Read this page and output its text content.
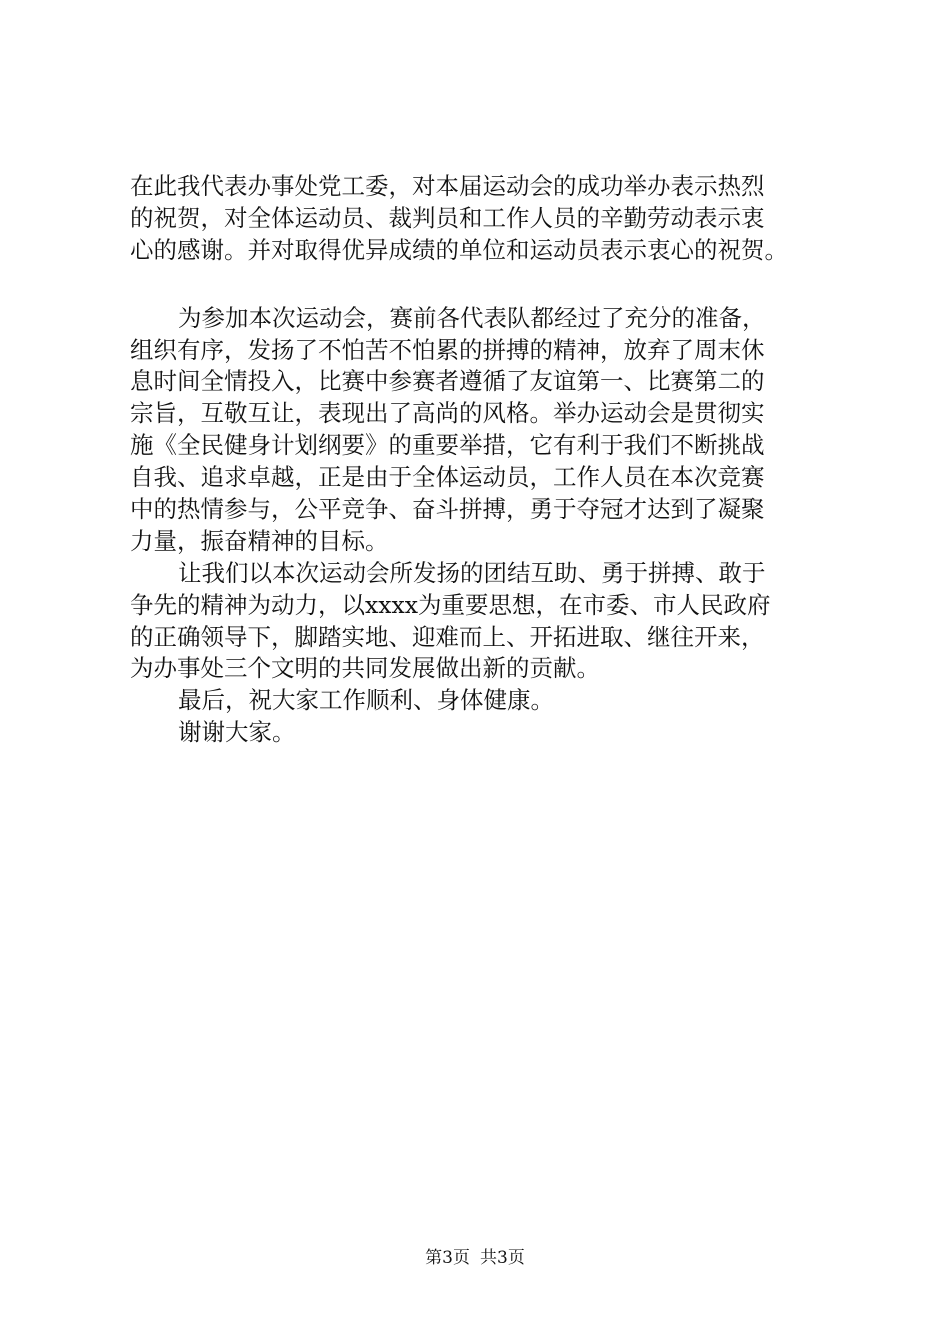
在此我代表办事处党工委，对本届运动会的成功举办表示热烈
的祝贺，对全体运动员、裁判员和工作人员的辛勤劳动表示衷
心的感谢。并对取得优异成绩的单位和运动员表示衷心的祝贺。
为参加本次运动会，赛前各代表队都经过了充分的准备，
组织有序，发扬了不怕苦不怕累的拼搏的精神，放弃了周末休
息时间全情投入，比赛中参赛者遵循了友谊第一、比赛第二的
宗旨，互敬互让，表现出了高尚的风格。举办运动会是贯彻实
施《全民健身计划纲要》的重要举措，它有利于我们不断挑战
自我、追求卓越，正是由于全体运动员，工作人员在本次竞赛
中的热情参与，公平竞争、奋斗拼搏，勇于夺冠才达到了凝聚
力量，振奋精神的目标。
让我们以本次运动会所发扬的团结互助、勇于拼搏、敢于
争先的精神为动力，以xxxx为重要思想，在市委、市人民政府
的正确领导下，脚踏实地、迎难而上、开拓进取、继往开来，
为办事处三个文明的共同发展做出新的贡献。
最后，祝大家工作顺利、身体健康。
谢谢大家。
第3页 共3页
